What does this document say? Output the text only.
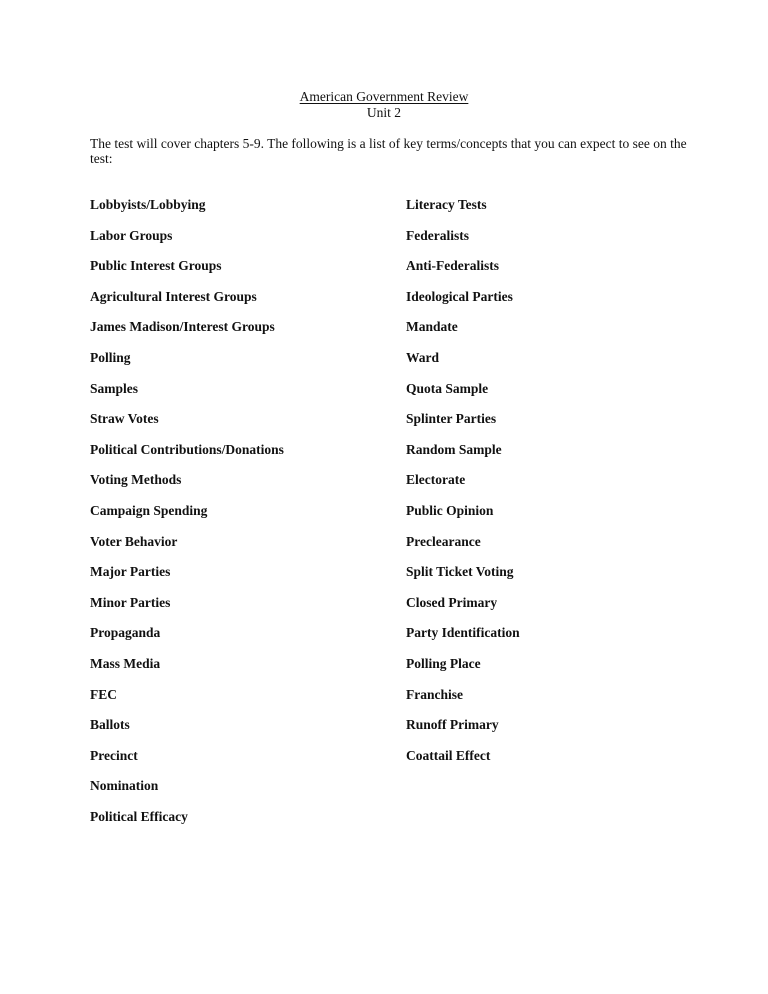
American Government Review
Unit 2
The test will cover chapters 5-9. The following is a list of key terms/concepts that you can expect to see on the test:
Lobbyists/Lobbying
Labor Groups
Public Interest Groups
Agricultural Interest Groups
James Madison/Interest Groups
Polling
Samples
Straw Votes
Political Contributions/Donations
Voting Methods
Campaign Spending
Voter Behavior
Major Parties
Minor Parties
Propaganda
Mass Media
FEC
Ballots
Precinct
Nomination
Political Efficacy
Literacy Tests
Federalists
Anti-Federalists
Ideological Parties
Mandate
Ward
Quota Sample
Splinter Parties
Random Sample
Electorate
Public Opinion
Preclearance
Split Ticket Voting
Closed Primary
Party Identification
Polling Place
Franchise
Runoff Primary
Coattail Effect
